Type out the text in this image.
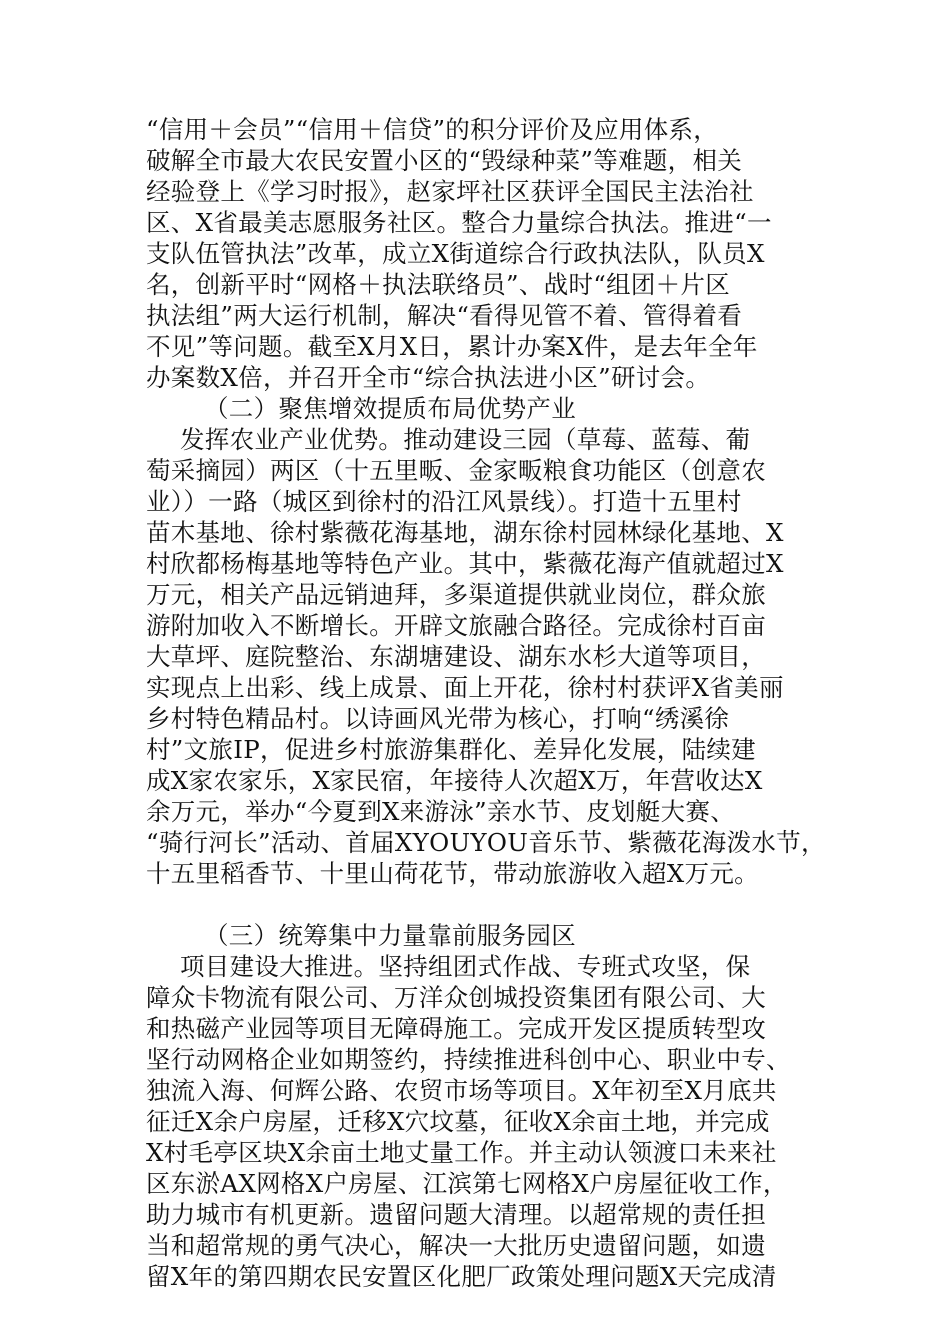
“信用＋会员”“信用＋信贷”的积分评价及应用体系，
破解全市最大农民安置小区的“毁绿种菜”等难题，相关
经验登上《学习时报》，赵家坪社区获评全国民主法治社
区、X省最美志愿服务社区。整合力量综合执法。推进“一
支队伍管执法”改革，成立X街道综合行政执法队，队员X
名，创新平时“网格＋执法联络员”、战时“组团＋片区
执法组”两大运行机制，解决“看得见管不着、管得着看
不见”等问题。截至X月X日，累计办案X件，是去年全年
办案数X倍，并召开全市“综合执法进小区”研讨会。
（二）聚焦增效提质布局优势产业
发挥农业产业优势。推动建设三园（草莓、蓝莓、葡
萄采摘园）两区（十五里畈、金家畈粮食功能区（创意农
业））一路（城区到徐村的沿江风景线）。打造十五里村
苗木基地、徐村紫薇花海基地，湖东徐村园林绿化基地、X
村欣都杨梅基地等特色产业。其中，紫薇花海产值就超过X
万元，相关产品远销迪拜，多渠道提供就业岗位，群众旅
游附加收入不断增长。开辟文旅融合路径。完成徐村百亩
大草坪、庭院整治、东湖塘建设、湖东水杉大道等项目，
实现点上出彩、线上成景、面上开花，徐村村获评X省美丽
乡村特色精品村。以诗画风光带为核心，打响“绣溪徐
村”文旅IP，促进乡村旅游集群化、差异化发展，陆续建
成X家农家乐，X家民宿，年接待人次超X万，年营收达X
余万元，举办“今夏到X来游泳”亲水节、皮划艇大赛、
“骑行河长”活动、首届XYOUYOU音乐节、紫薇花海泼水节，
十五里稻香节、十里山荷花节，带动旅游收入超X万元。
（三）统筹集中力量靠前服务园区
项目建设大推进。坚持组团式作战、专班式攻坚，保
障众卡物流有限公司、万洋众创城投资集团有限公司、大
和热磁产业园等项目无障碍施工。完成开发区提质转型攻
坚行动网格企业如期签约，持续推进科创中心、职业中专、
独流入海、何辉公路、农贸市场等项目。X年初至X月底共
征迁X余户房屋，迁移X穴坟墓，征收X余亩土地，并完成
X村毛亭区块X余亩土地丈量工作。并主动认领渡口未来社
区东淤AX网格X户房屋、江滨第七网格X户房屋征收工作，
助力城市有机更新。遗留问题大清理。以超常规的责任担
当和超常规的勇气决心，解决一大批历史遗留问题，如遗
留X年的第四期农民安置区化肥厂政策处理问题X天完成清
